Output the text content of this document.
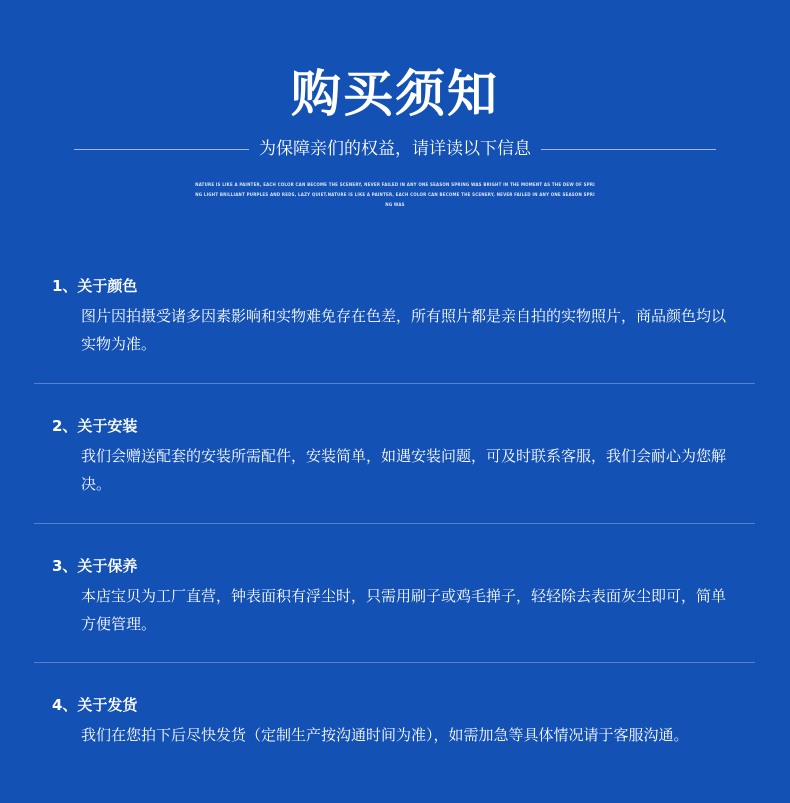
购买须知
为保障亲们的权益，请详读以下信息
NATURE IS LIKE A PAINTER, EACH COLOR CAN BECOME THE SCENERY, NEVER FAILED IN ANY ONE SEASON SPRING WAS BRIGHT IN THE MOMENT AS THE DEW OF SPRING LIGHT BRILLIANT PURPLES AND REDS, LAZY QUIET.NATURE IS LIKE A PAINTER, EACH COLOR CAN BECOME THE SCENERY, NEVER FAILED IN ANY ONE SEASON SPRING WAS
1、关于颜色
图片因拍摄受诸多因素影响和实物难免存在色差，所有照片都是亲自拍的实物照片，商品颜色均以实物为准。
2、关于安装
我们会赠送配套的安装所需配件，安装简单，如遇安装问题，可及时联系客服，我们会耐心为您解决。
3、关于保养
本店宝贝为工厂直营，钟表面积有浮尘时，只需用刷子或鸡毛掸子，轻轻除去表面灰尘即可，简单方便管理。
4、关于发货
我们在您拍下后尽快发货（定制生产按沟通时间为准），如需加急等具体情况请于客服沟通。
